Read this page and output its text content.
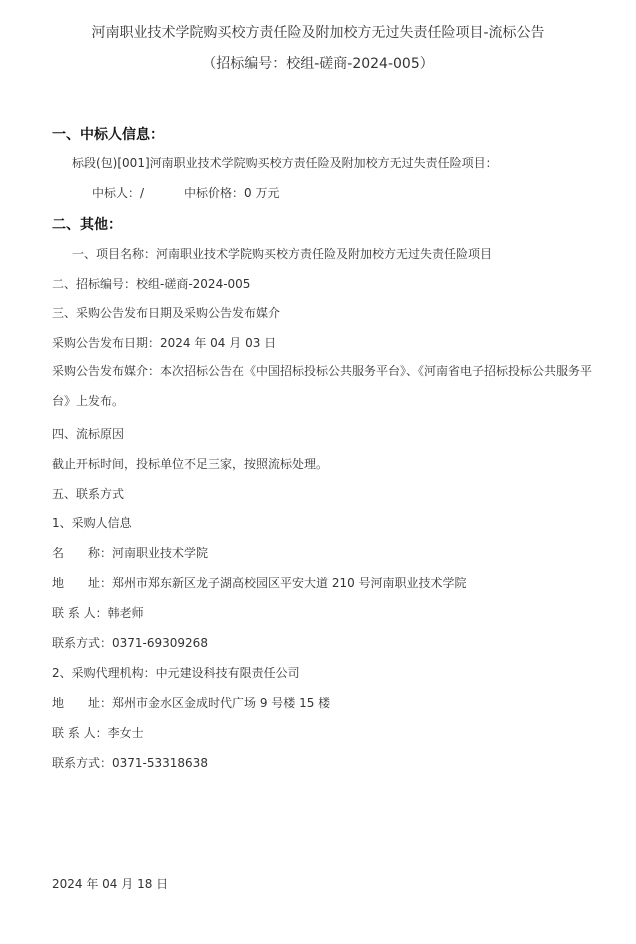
河南职业技术学院购买校方责任险及附加校方无过失责任险项目-流标公告
（招标编号：校组-磋商-2024-005）
一、中标人信息：
标段(包)[001]河南职业技术学院购买校方责任险及附加校方无过失责任险项目：
中标人：/	中标价格：0 万元
二、其他：
一、项目名称：河南职业技术学院购买校方责任险及附加校方无过失责任险项目
二、招标编号：校组-磋商-2024-005
三、采购公告发布日期及采购公告发布媒介
采购公告发布日期：2024 年 04 月 03 日
采购公告发布媒介：本次招标公告在《中国招标投标公共服务平台》、《河南省电子招标投标公共服务平台》上发布。
四、流标原因
截止开标时间，投标单位不足三家，按照流标处理。
五、联系方式
1、采购人信息
名　　称：河南职业技术学院
地　　址：郑州市郑东新区龙子湖高校园区平安大道 210 号河南职业技术学院
联 系 人：韩老师
联系方式：0371-69309268
2、采购代理机构：中元建设科技有限责任公司
地　　址：郑州市金水区金成时代广场 9 号楼 15 楼
联 系 人：李女士
联系方式：0371-53318638
2024 年 04 月 18 日
